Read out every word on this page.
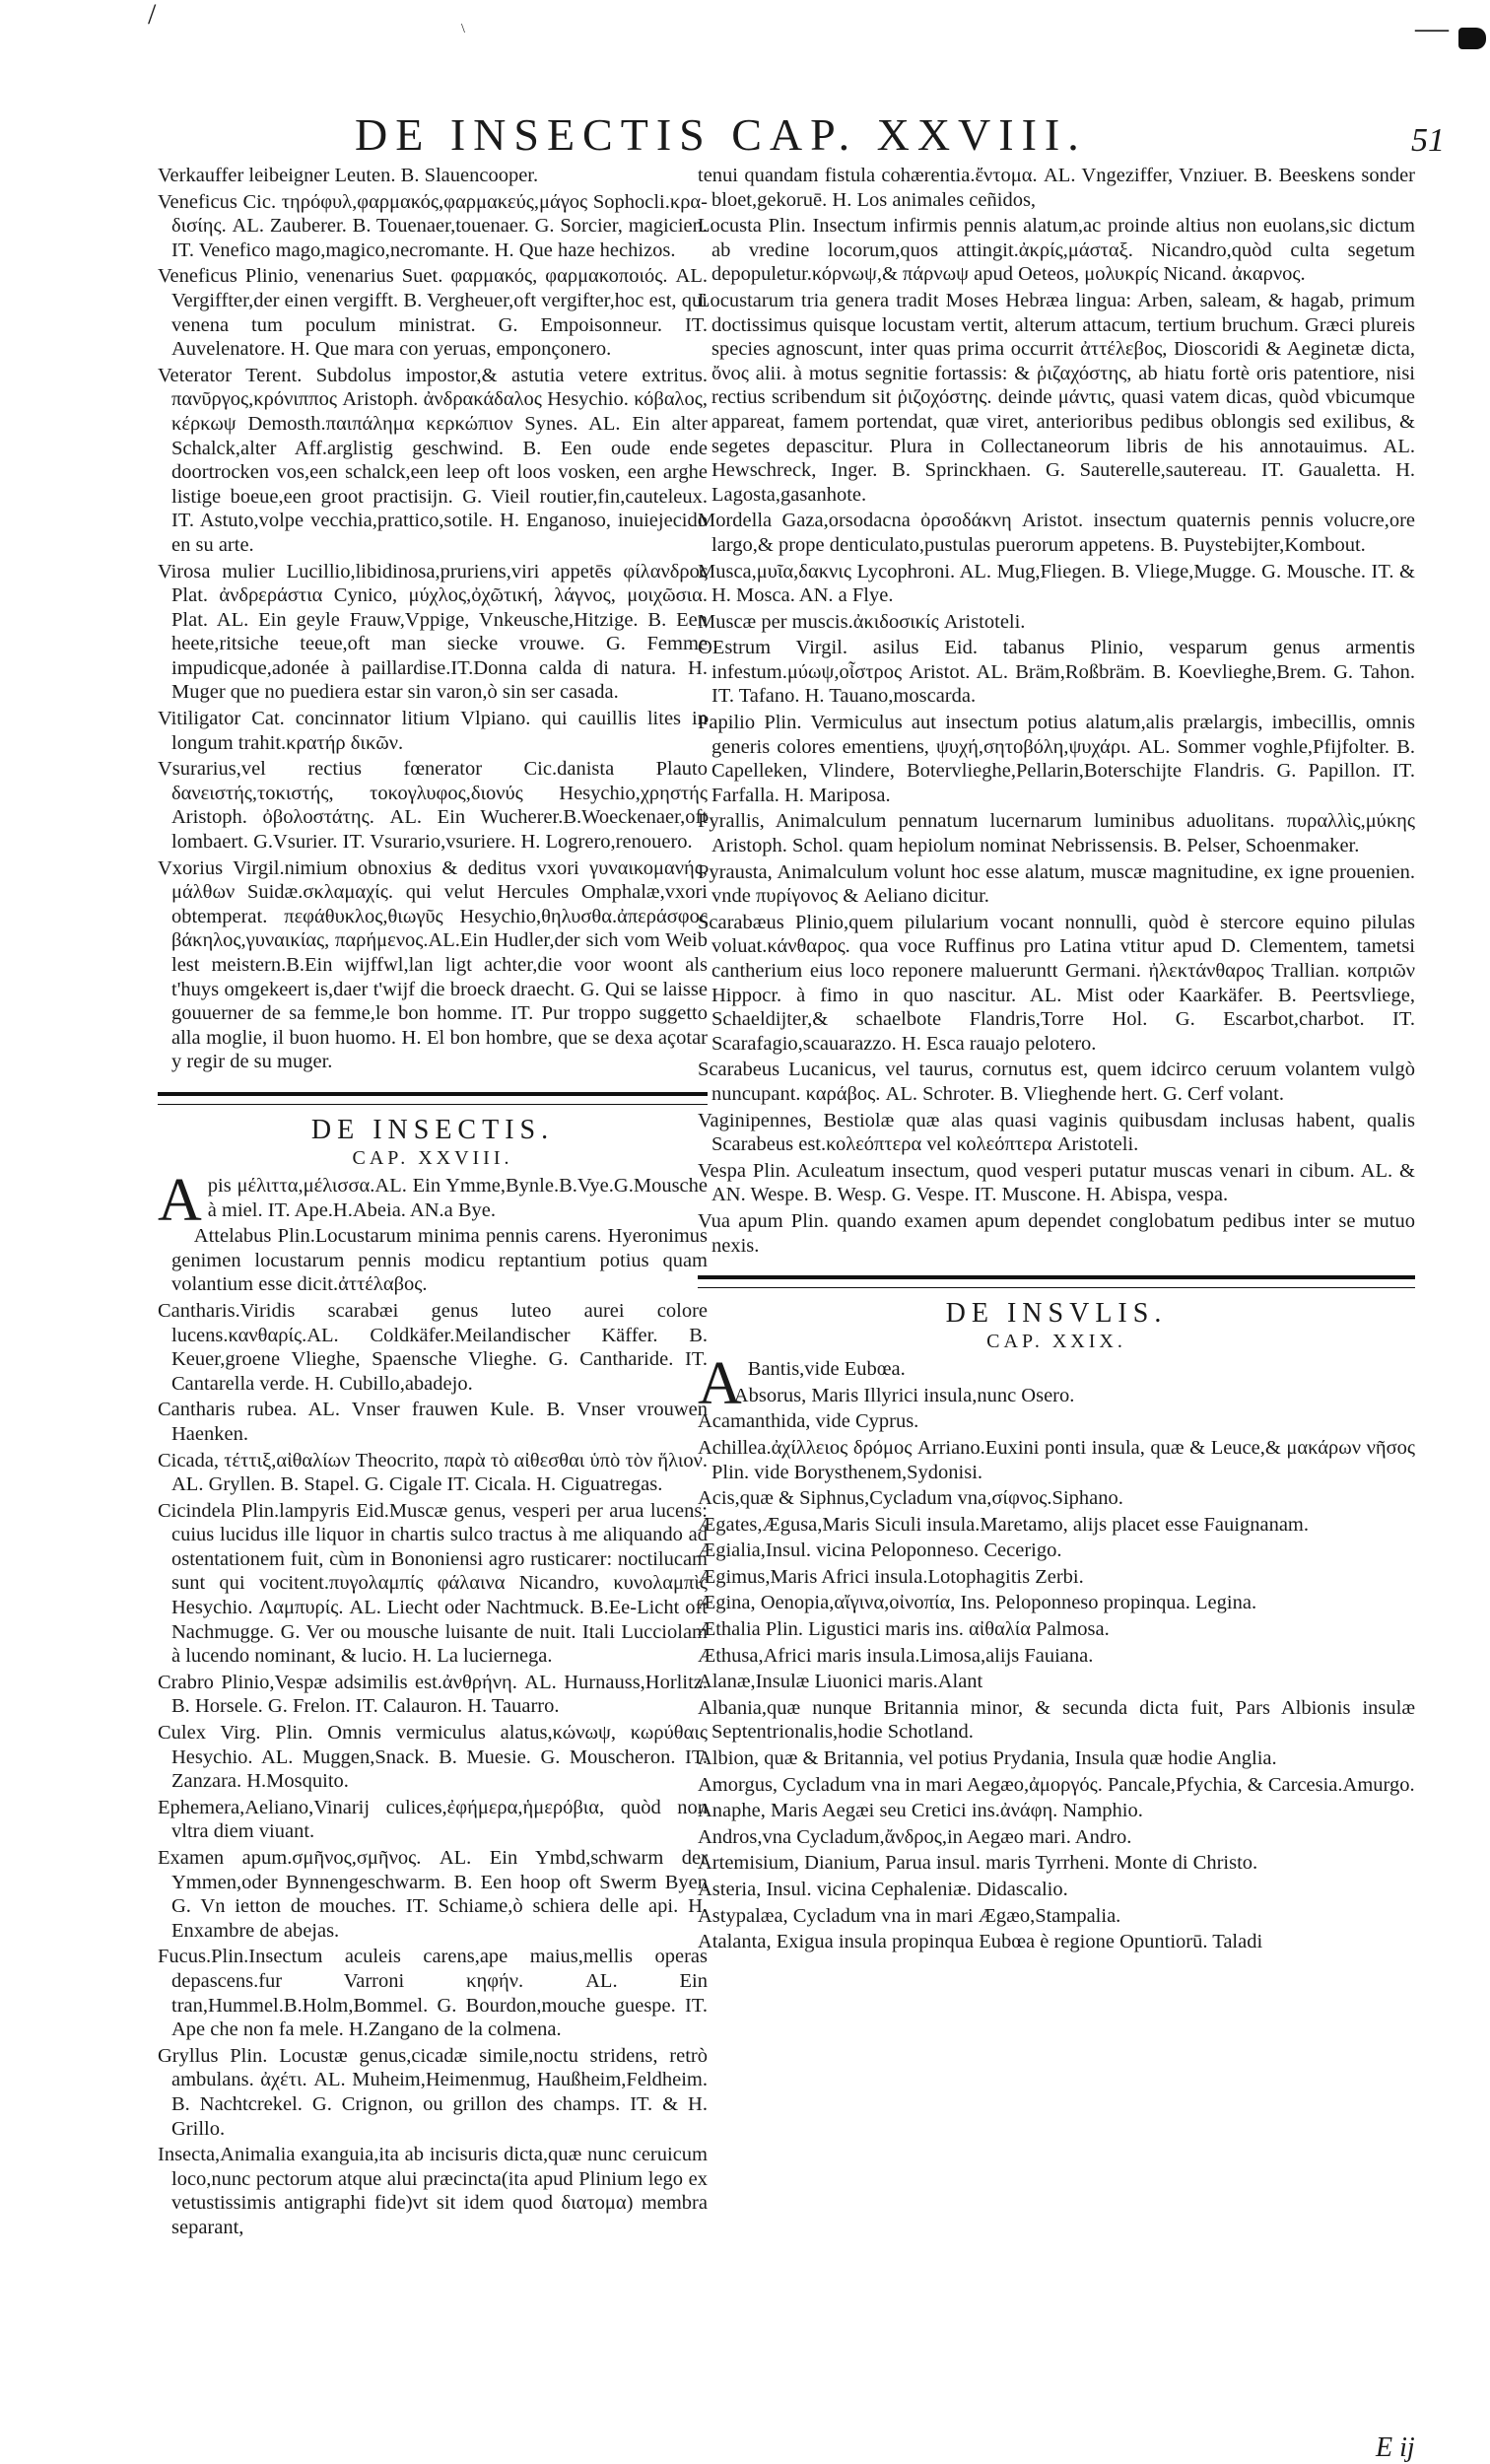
/	\	—
DE INSECTIS CAP. XXVIII.	51

Verkauffer leibeigner Leuten. B. Slauencooper.

Veneficus Cic. τηρόφυλ,φαρμακός,φαρμακεύς,μάγος Sophocli.κρα-δισίης. AL. Zauberer. B. Touenaer,touenaer. G. Sorcier, magicien. IT. Venefico mago,magico,necromante. H. Que haze hechizos.

Veneficus Plinio, venenarius Suet. φαρμακός, φαρμακοποιός. AL. Vergiffter,der einen vergifft. B. Vergheuer,oft vergifter,hoc est, qui venena tum poculum ministrat. G. Empoisonneur. IT. Auvelenatore. H. Que mara con yeruas, emponçonero.

Veterator Terent. Subdolus impostor,& astutia vetere extritus. πανῦργος,κρόνιππος Aristoph. ἀνδρακάδαλος Hesychio. κόβαλος, κέρκωψ Demosth.παιπάλημα κερκώπιον Synes. AL. Ein alter Schalck,alter Aff.arglistig geschwind. B. Een oude ende doortrocken vos,een schalck,een leep oft loos vosken, een arghe listige boeue,een groot practisijn. G. Vieil routier,fin,cauteleux. IT. Astuto,volpe vecchia,prattico,sotile. H. Enganoso, inuiejecido en su arte.

Virosa mulier Lucillio,libidinosa,pruriens,viri appetēs φίλανδρος Plat. ἀνδρεράστια Cynico, μύχλος,ὀχῶτική, λάγνος, μοιχῶσια. Plat. AL. Ein geyle Frauw,Vppige, Vnkeusche,Hitzige. B. Een heete,ritsiche teeue,oft man siecke vrouwe. G. Femme impudicque,adonée à paillardise.IT.Donna calda di natura. H. Muger que no puediera estar sin varon,ò sin ser casada.

Vitiligator Cat. concinnator litium Vlpiano. qui cauillis lites in longum trahit.κρατήρ δικῶν.

Vsurarius,vel rectius fœnerator Cic.danista Plauto δανειστής,τοκιστής, τοκογλυφος,διονύς Hesychio,χρηστής Aristoph. ὀβολοστάτης. AL. Ein Wucherer.B.Woeckenaer,oft lombaert. G.Vsurier. IT. Vsurario,vsuriere. H. Logrero,renouero.

Vxorius Virgil.nimium obnoxius & deditus vxori γυναικομανής, μάλθων Suidæ.σκλαμαχίς. qui velut Hercules Omphalæ,vxori obtemperat. πεφάθυκλος,θιωγῦς Hesychio,θηλυσθα.ἀπεράσφος βάκηλος,γυναικίας, παρήμενος.AL.Ein Hudler,der sich vom Weib lest meistern.B.Ein wijffwl,lan ligt achter,die voor woont als t'huys omgekeert is,daer t'wijf die broeck draecht. G. Qui se laisse gouuerner de sa femme,le bon homme. IT. Pur troppo suggetto alla moglie, il buon huomo. H. El bon hombre, que se dexa açotar y regir de su muger.

DE INSECTIS.
CAP. XXVIII.

A pis μέλιττα,μέλισσα.AL. Ein Ymme,Bynle.B.Vye.G.Mousche à miel. IT. Ape.H.Abeia. AN.a Bye.

Attelabus Plin.Locustarum minima pennis carens. Hyeronimus genimen locustarum pennis modicu reptantium potius quam volantium esse dicit.ἀττέλαβος.

Cantharis.Viridis scarabæi genus luteo aurei colore lucens.κανθαρίς.AL. Coldkäfer.Meilandischer Käffer. B. Keuer,groene Vlieghe, Spaensche Vlieghe. G. Cantharide. IT. Cantarella verde. H. Cubillo,abadejo.

Cantharis rubea. AL. Vnser frauwen Kule. B. Vnser vrouwen Haenken.

Cicada, τέττιξ,αἰθαλίων Theocrito, παρὰ τὸ αἰθεσθαι ὑπὸ τὸν ἥλιον. AL. Gryllen. B. Stapel. G. Cigale IT. Cicala. H. Ciguatregas.

Cicindela Plin.lampyris Eid.Muscæ genus, vesperi per arua lucens: cuius lucidus ille liquor in chartis sulco tractus à me aliquando ad ostentationem fuit, cùm in Bononiensi agro rusticarer: noctilucam sunt qui vocitent.πυγολαμπίς φάλαινα Nicandro, κυνολαμπὶς Hesychio. Λαμπυρίς. AL. Liecht oder Nachtmuck. B.Ee-Licht oft Nachmugge. G. Ver ou mousche luisante de nuit. Itali Lucciolam à lucendo nominant, & lucio. H. La luciernega.

Crabro Plinio,Vespæ adsimilis est.ἀνθρήνη. AL. Hurnauss,Horlitz. B. Horsele. G. Frelon. IT. Calauron. H. Tauarro.

Culex Virg. Plin. Omnis vermiculus alatus,κώνωψ, κωρύθαις Hesychio. AL. Muggen,Snack. B. Muesie. G. Mouscheron. IT. Zanzara. H.Mosquito.

Ephemera,Aeliano,Vinarij culices,ἐφήμερα,ἡμερόβια, quòd non vltra diem viuant.

Examen apum.σμῆνος,σμῆνος. AL. Ein Ymbd,schwarm der Ymmen,oder Bynnengeschwarm. B. Een hoop oft Swerm Byen G. Vn ietton de mouches. IT. Schiame,ò schiera delle api. H. Enxambre de abejas.

Fucus.Plin.Insectum aculeis carens,ape maius,mellis operas depascens.fur Varroni κηφήν. AL. Ein tran,Hummel.B.Holm,Bommel. G. Bourdon,mouche guespe. IT. Ape che non fa mele. H.Zangano de la colmena.

Gryllus Plin. Locustæ genus,cicadæ simile,noctu stridens, retrò ambulans. ἀχέτι. AL. Muheim,Heimenmug, Haußheim,Feldheim. B. Nachtcrekel. G. Crignon, ou grillon des champs. IT. & H. Grillo.

Insecta,Animalia exanguia,ita ab incisuris dicta,quæ nunc ceruicum loco,nunc pectorum atque alui præcincta(ita apud Plinium lego ex vetustissimis antigraphi fide)vt sit idem quod διατομα) membra separant,

tenui quandam fistula cohærentia.ἔντομα. AL. Vngeziffer, Vnziuer. B. Beeskens sonder bloet,gekoruē. H. Los animales ceñidos,

Locusta Plin. Insectum infirmis pennis alatum,ac proinde altius non euolans,sic dictum ab vredine locorum,quos attingit.ἀκρίς,μάσταξ. Nicandro,quòd culta segetum depopuletur.κόρνωψ,& πάρνωψ apud Oeteos, μολυκρίς Nicand. ἀκαρνος.

Locustarum tria genera tradit Moses Hebræa lingua: Arben, saleam, & hagab, primum doctissimus quisque locustam vertit, alterum attacum, tertium bruchum. Græci plureis species agnoscunt, inter quas prima occurrit ἀττέλεβος, Dioscoridi & Aeginetæ dicta, ὄνος alii. à motus segnitie fortassis: & ῥιζαχόστης, ab hiatu fortè oris patentiore, nisi rectius scribendum sit ῥιζοχόστης. deinde μάντις, quasi vatem dicas, quòd vbicumque appareat, famem portendat, quæ viret, anterioribus pedibus oblongis sed exilibus, & segetes depascitur. Plura in Collectaneorum libris de his annotauimus. AL. Hewschreck, Inger. B. Sprinckhaen. G. Sauterelle,sautereau. IT. Gaualetta. H. Lagosta,gasanhote.

Mordella Gaza,orsodacna ὀρσοδάκνη Aristot. insectum quaternis pennis volucre,ore largo,& prope denticulato,pustulas puerorum appetens. B. Puystebijter,Kombout.

Musca,μυῖα,δακνις Lycophroni. AL. Mug,Fliegen. B. Vliege,Mugge. G. Mousche. IT. & H. Mosca. AN. a Flye.

Muscæ per muscis.ἀκιδοσικίς Aristoteli.

OEstrum Virgil. asilus Eid. tabanus Plinio, vesparum genus armentis infestum.μύωψ,οἶστρος Aristot. AL. Bräm,Roßbräm. B. Koevlieghe,Brem. G. Tahon. IT. Tafano. H. Tauano,moscarda.

Papilio Plin. Vermiculus aut insectum potius alatum,alis prælargis, imbecillis, omnis generis colores ementiens, ψυχή,σητοβόλη,ψυχάρι. AL. Sommer voghle,Pfijfolter. B. Capelleken, Vlindere, Botervlieghe,Pellarin,Boterschijte Flandris. G. Papillon. IT. Farfalla. H. Mariposa.

Pyrallis, Animalculum pennatum lucernarum luminibus aduolitans. πυραλλὶς,μύκης Aristoph. Schol. quam hepiolum nominat Nebrissensis. B. Pelser, Schoenmaker.

Pyrausta, Animalculum volunt hoc esse alatum, muscæ magnitudine, ex igne prouenien. vnde πυρίγονος & Aeliano dicitur.

Scarabæus Plinio,quem pilularium vocant nonnulli, quòd è stercore equino pilulas voluat.κάνθαρος. qua voce Ruffinus pro Latina vtitur apud D. Clementem, tametsi cantherium eius loco reponere malueruntt Germani. ἠλεκτάνθαρος Trallian. κοπριῶν Hippocr. à fimo in quo nascitur. AL. Mist oder Kaarkäfer. B. Peertsvliege, Schaeldijter,& schaelbote Flandris,Torre Hol. G. Escarbot,charbot. IT. Scarafagio,scauarazzo. H. Esca rauajo pelotero.

Scarabeus Lucanicus, vel taurus, cornutus est, quem idcirco ceruum volantem vulgò nuncupant. καράβος. AL. Schroter. B. Vlieghende hert. G. Cerf volant.

Vaginipennes, Bestiolæ quæ alas quasi vaginis quibusdam inclusas habent, qualis Scarabeus est.κολεόπτερα vel κολεόπτερα Aristoteli.

Vespa Plin. Aculeatum insectum, quod vesperi putatur muscas venari in cibum. AL. & AN. Wespe. B. Wesp. G. Vespe. IT. Muscone. H. Abispa, vespa.

Vua apum Plin. quando examen apum dependet conglobatum pedibus inter se mutuo nexis.

DE INSVLIS.
CAP. XXIX.

A Bantis,vide Eubœa.

Absorus, Maris Illyrici insula,nunc Osero.

Acamanthida, vide Cyprus.

Achillea.ἀχίλλειος δρόμος Arriano.Euxini ponti insula, quæ & Leuce,& μακάρων νῆσος Plin. vide Borysthenem,Sydonisi.

Acis,quæ & Siphnus,Cycladum vna,σίφνος.Siphano.

Ægates,Ægusa,Maris Siculi insula.Maretamo, alijs placet esse Fauignanam.

Ægialia,Insul. vicina Peloponneso. Cecerigo.

Ægimus,Maris Africi insula.Lotophagitis Zerbi.

Ægina, Oenopia,αἴγινα,οἰνοπία, Ins. Peloponneso propinqua. Legina.

Æthalia Plin. Ligustici maris ins. αἰθαλία Palmosa.

Æthusa,Africi maris insula.Limosa,alijs Fauiana.

Alanæ,Insulæ Liuonici maris.Alant

Albania,quæ nunque Britannia minor, & secunda dicta fuit, Pars Albionis insulæ Septentrionalis,hodie Schotland.

Albion, quæ & Britannia, vel potius Prydania, Insula quæ hodie Anglia.

Amorgus, Cycladum vna in mari Aegæo,ἀμοργός. Pancale,Pfychia, & Carcesia.Amurgo.

Anaphe, Maris Aegæi seu Cretici ins.ἀνάφη. Namphio.

Andros,vna Cycladum,ἄνδρος,in Aegæo mari. Andro.

Artemisium, Dianium, Parua insul. maris Tyrrheni. Monte di Christo.

Asteria, Insul. vicina Cephaleniæ. Didascalio.

Astypalæa, Cycladum vna in mari Ægæo,Stampalia.

Atalanta, Exigua insula propinqua Eubœa è regione Opuntiorū. Taladi

E ij
